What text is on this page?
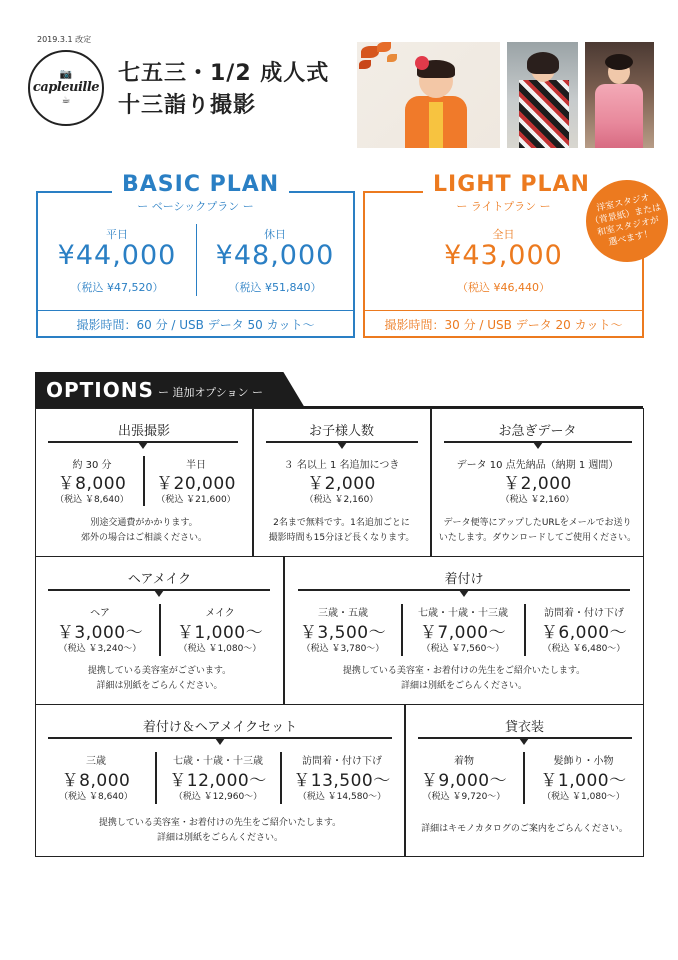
2019.3.1 改定
📷
capleuille
☕
七五三・1/2 成人式
十三詣り撮影
BASIC PLAN
ー ベーシックプラン ー
平日
¥44,000
（税込 ¥47,520）
休日
¥48,000
（税込 ¥51,840）
撮影時間：60 分 / USB データ 50 カット〜
LIGHT PLAN
ー ライトプラン ー
全日
¥43,000
（税込 ¥46,440）
撮影時間：30 分 / USB データ 20 カット〜
洋室スタジオ
（背景紙）または
和室スタジオが
選べます！
OPTIONS ー 追加オプション ー
出張撮影
約 30 分
￥8,000
（税込 ￥8,640）
半日
￥20,000
（税込 ￥21,600）
別途交通費がかかります。
郊外の場合はご相談ください。
お子様人数
３ 名以上 1 名追加につき
￥2,000
（税込 ￥2,160）
2名まで無料です。1名追加ごとに
撮影時間も15分ほど長くなります。
お急ぎデータ
データ 10 点先納品（納期 1 週間）
￥2,000
（税込 ￥2,160）
データ便等にアップしたURLをメールでお送り
いたします。ダウンロードしてご使用ください。
ヘアメイク
ヘア
￥3,000〜
（税込 ￥3,240〜）
メイク
￥1,000〜
（税込 ￥1,080〜）
提携している美容室がございます。
詳細は別紙をごらんください。
着付け
三歳・五歳
￥3,500〜
（税込 ￥3,780〜）
七歳・十歳・十三歳
￥7,000〜
（税込 ￥7,560〜）
訪問着・付け下げ
￥6,000〜
（税込 ￥6,480〜）
提携している美容室・お着付けの先生をご紹介いたします。
詳細は別紙をごらんください。
着付け＆ヘアメイクセット
三歳
￥8,000
（税込 ￥8,640）
七歳・十歳・十三歳
￥12,000〜
（税込 ￥12,960〜）
訪問着・付け下げ
￥13,500〜
（税込 ￥14,580〜）
提携している美容室・お着付けの先生をご紹介いたします。
詳細は別紙をごらんください。
貸衣装
着物
￥9,000〜
（税込 ￥9,720〜）
髪飾り・小物
￥1,000〜
（税込 ￥1,080〜）
詳細はキモノカタログのご案内をごらんください。
